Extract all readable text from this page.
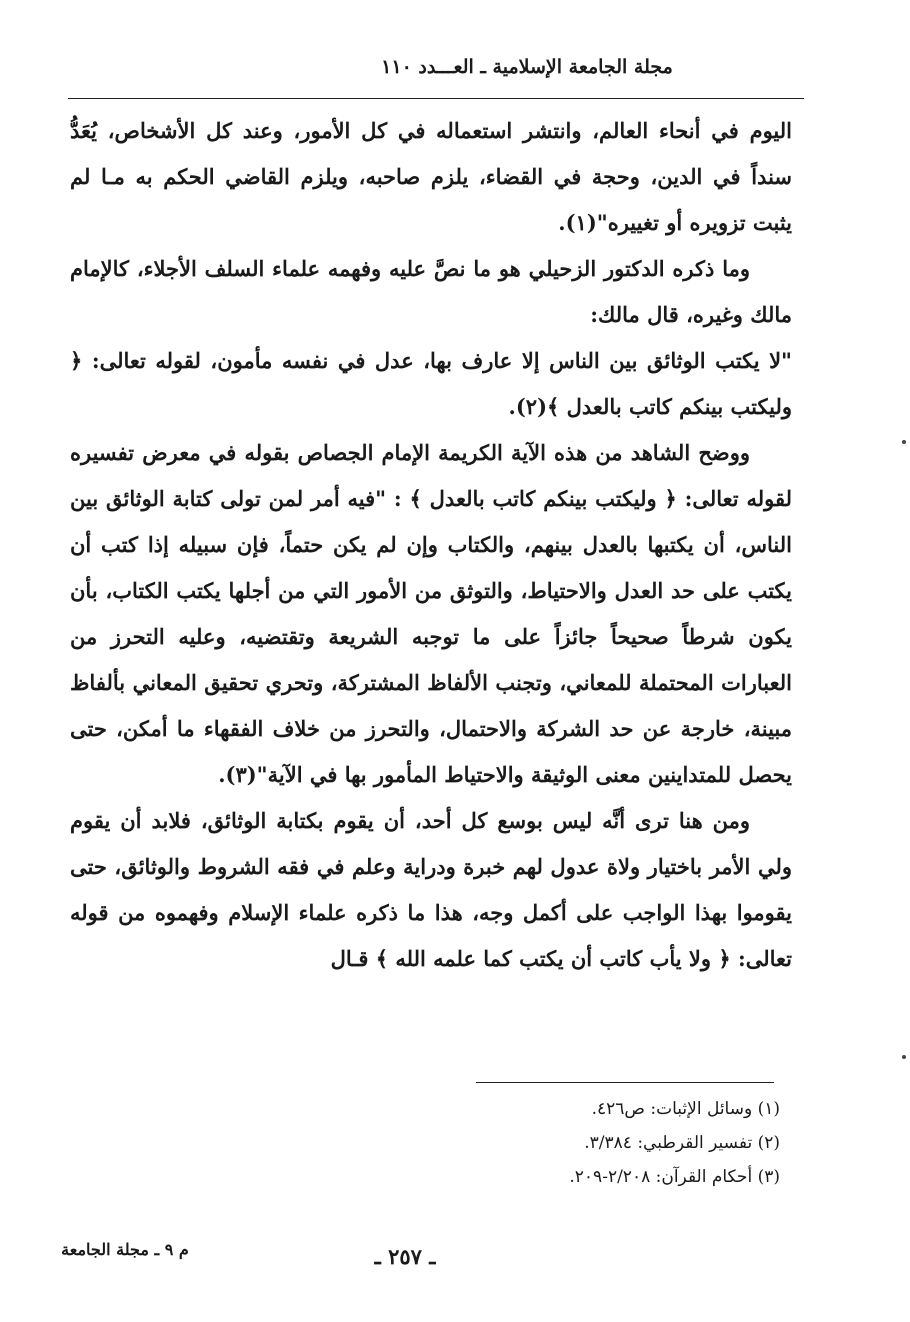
مجلة الجامعة الإسلامية ـ العـــدد ١١٠

اليوم في أنحاء العالم، وانتشر استعماله في كل الأمور، وعند كل الأشخاص، يُعَدُّ سنداً في الدين، وحجة في القضاء، يلزم صاحبه، ويلزم القاضي الحكم به مـا لم يثبت تزويره أو تغييره"(١).

وما ذكره الدكتور الزحيلي هو ما نصَّ عليه وفهمه علماء السلف الأجلاء، كالإمام مالك وغيره، قال مالك:

"لا يكتب الوثائق بين الناس إلا عارف بها، عدل في نفسه مأمون، لقوله تعالى: ﴿ وليكتب بينكم كاتب بالعدل ﴾(٢).

ووضح الشاهد من هذه الآية الكريمة الإمام الجصاص بقوله في معرض تفسيره لقوله تعالى: ﴿ وليكتب بينكم كاتب بالعدل ﴾ : "فيه أمر لمن تولى كتابة الوثائق بين الناس، أن يكتبها بالعدل بينهم، والكتاب وإن لم يكن حتماً، فإن سبيله إذا كتب أن يكتب على حد العدل والاحتياط، والتوثق من الأمور التي من أجلها يكتب الكتاب، بأن يكون شرطاً صحيحاً جائزاً على ما توجبه الشريعة وتقتضيه، وعليه التحرز من العبارات المحتملة للمعاني، وتجنب الألفاظ المشتركة، وتحري تحقيق المعاني بألفاظ مبينة، خارجة عن حد الشركة والاحتمال، والتحرز من خلاف الفقهاء ما أمكن، حتى يحصل للمتداينين معنى الوثيقة والاحتياط المأمور بها في الآية"(٣).

ومن هنا ترى أنَّه ليس بوسع كل أحد، أن يقوم بكتابة الوثائق، فلابد أن يقوم ولي الأمر باختيار ولاة عدول لهم خبرة ودراية وعلم في فقه الشروط والوثائق، حتى يقوموا بهذا الواجب على أكمل وجه، هذا ما ذكره علماء الإسلام وفهموه من قوله تعالى: ﴿ ولا يأب كاتب أن يكتب كما علمه الله ﴾ قـال

(١) وسائل الإثبات: ص٤٢٦.
(٢) تفسير القرطبي: ٣/٣٨٤.
(٣) أحكام القرآن: ٢/٢٠٨-٢٠٩.
ـ ٢٥٧ ـ
م ٩ ـ مجلة الجامعة
